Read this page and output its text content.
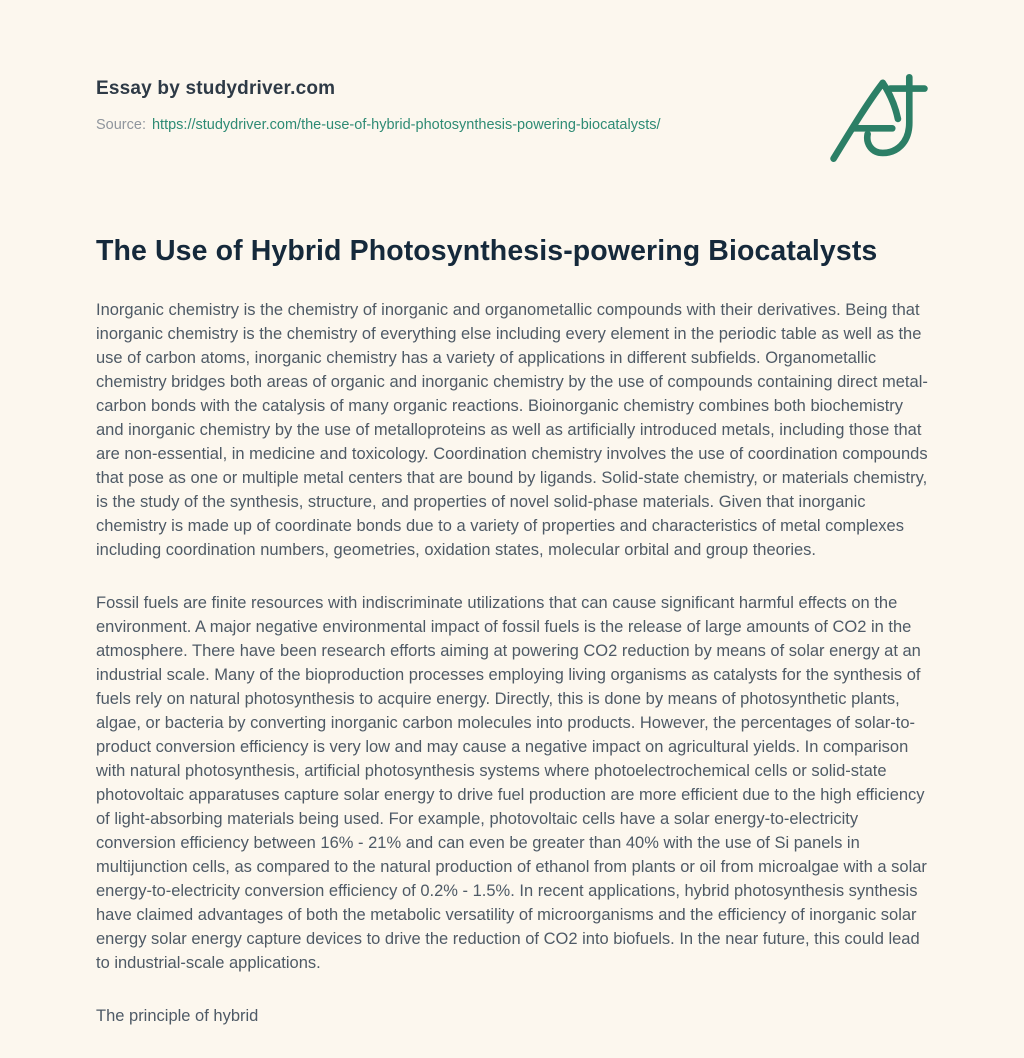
Essay by studydriver.com
Source: https://studydriver.com/the-use-of-hybrid-photosynthesis-powering-biocatalysts/
The Use of Hybrid Photosynthesis-powering Biocatalysts

Inorganic chemistry is the chemistry of inorganic and organometallic compounds with their derivatives. Being that inorganic chemistry is the chemistry of everything else including every element in the periodic table as well as the use of carbon atoms, inorganic chemistry has a variety of applications in different subfields. Organometallic chemistry bridges both areas of organic and inorganic chemistry by the use of compounds containing direct metal-carbon bonds with the catalysis of many organic reactions. Bioinorganic chemistry combines both biochemistry and inorganic chemistry by the use of metalloproteins as well as artificially introduced metals, including those that are non-essential, in medicine and toxicology. Coordination chemistry involves the use of coordination compounds that pose as one or multiple metal centers that are bound by ligands. Solid-state chemistry, or materials chemistry, is the study of the synthesis, structure, and properties of novel solid-phase materials. Given that inorganic chemistry is made up of coordinate bonds due to a variety of properties and characteristics of metal complexes including coordination numbers, geometries, oxidation states, molecular orbital and group theories.

Fossil fuels are finite resources with indiscriminate utilizations that can cause significant harmful effects on the environment. A major negative environmental impact of fossil fuels is the release of large amounts of CO2 in the atmosphere. There have been research efforts aiming at powering CO2 reduction by means of solar energy at an industrial scale. Many of the bioproduction processes employing living organisms as catalysts for the synthesis of fuels rely on natural photosynthesis to acquire energy. Directly, this is done by means of photosynthetic plants, algae, or bacteria by converting inorganic carbon molecules into products. However, the percentages of solar-to-product conversion efficiency is very low and may cause a negative impact on agricultural yields. In comparison with natural photosynthesis, artificial photosynthesis systems where photoelectrochemical cells or solid-state photovoltaic apparatuses capture solar energy to drive fuel production are more efficient due to the high efficiency of light-absorbing materials being used. For example, photovoltaic cells have a solar energy-to-electricity conversion efficiency between 16% - 21% and can even be greater than 40% with the use of Si panels in multijunction cells, as compared to the natural production of ethanol from plants or oil from microalgae with a solar energy-to-electricity conversion efficiency of 0.2% - 1.5%. In recent applications, hybrid photosynthesis synthesis have claimed advantages of both the metabolic versatility of microorganisms and the efficiency of inorganic solar energy solar energy capture devices to drive the reduction of CO2 into biofuels. In the near future, this could lead to industrial-scale applications.

The principle of hybrid
